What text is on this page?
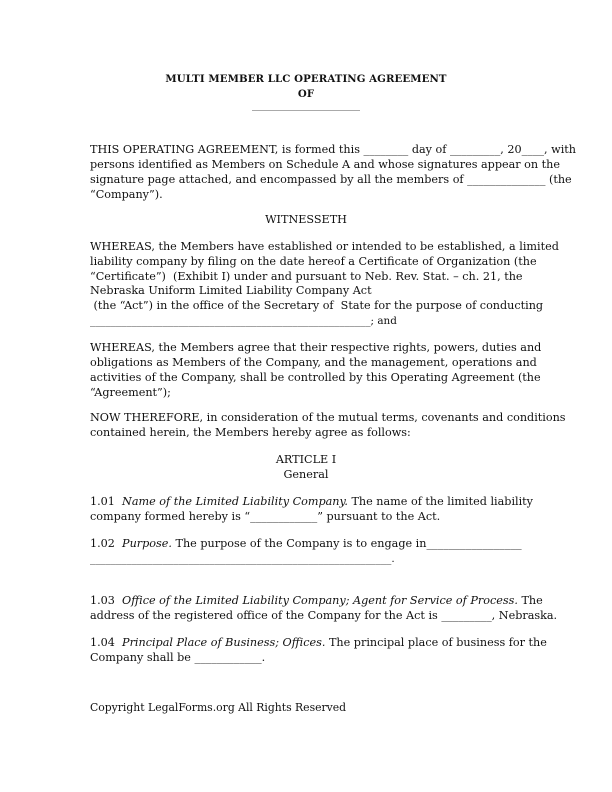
MULTI MEMBER LLC OPERATING AGREEMENT

OF

________________________

THIS OPERATING AGREEMENT, is formed this ________ day of _________, 20____, with

persons identified as Members on Schedule A and whose signatures appear on the

signature page attached, and encompassed by all the members of ______________ (the

“Company”).

WITNESSETH

WHEREAS, the Members have established or intended to be established, a limited

liability company by filing on the date hereof a Certificate of Organization (the

“Certificate”)  (Exhibit I) under and pursuant to Neb. Rev. Stat. – ch. 21, the

Nebraska Uniform Limited Liability Company Act

(the “Act”) in the office of the Secretary of  State for the purpose of conducting

______________________________________________________; and

WHEREAS, the Members agree that their respective rights, powers, duties and

obligations as Members of the Company, and the management, operations and

activities of the Company, shall be controlled by this Operating Agreement (the

“Agreement”);

NOW THEREFORE, in consideration of the mutual terms, covenants and conditions

contained herein, the Members hereby agree as follows:

ARTICLE I

General

1.01 Name of the Limited Liability Company. The name of the limited liability

company formed hereby is “____________” pursuant to the Act.

1.02 Purpose. The purpose of the Company is to engage in_________________

__________________________________________________________.

1.03 Office of the Limited Liability Company; Agent for Service of Process. The

address of the registered office of the Company for the Act is _________, Nebraska.

1.04 Principal Place of Business; Offices. The principal place of business for the

Company shall be ____________.

Copyright LegalForms.org All Rights Reserved
